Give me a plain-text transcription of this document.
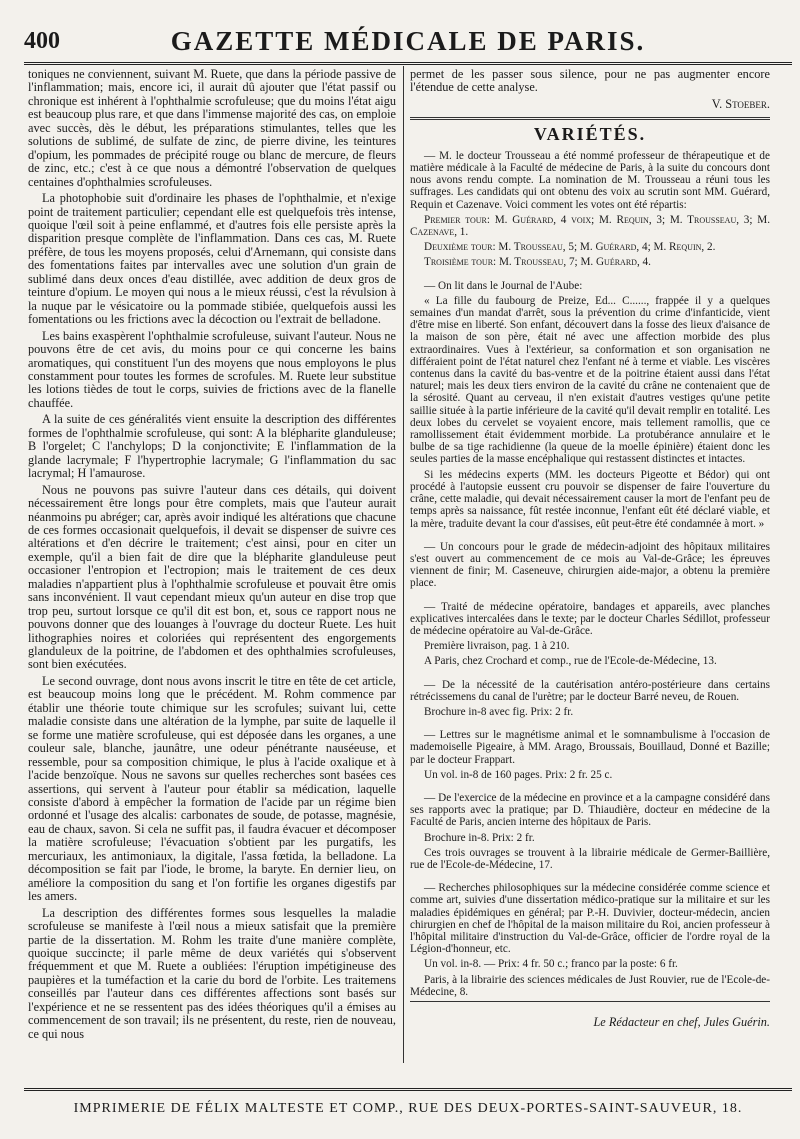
400	GAZETTE MÉDICALE DE PARIS.

toniques ne conviennent, suivant M. Ruete, que dans la période passive de l'inflammation; mais, encore ici, il aurait dû ajouter que l'état passif ou chronique est inhérent à l'ophthalmie scrofuleuse; que du moins l'état aigu est beaucoup plus rare, et que dans l'immense majorité des cas, on emploie avec succès, dès le début, les préparations stimulantes, telles que les solutions de sublimé, de sulfate de zinc, de pierre divine, les teintures d'opium, les pommades de précipité rouge ou blanc de mercure, de fleurs de zinc, etc.; c'est à ce que nous a démontré l'observation de quelques centaines d'ophthalmies scrofuleuses.

La photophobie suit d'ordinaire les phases de l'ophthalmie, et n'exige point de traitement particulier; cependant elle est quelquefois très intense, quoique l'œil soit à peine enflammé, et d'autres fois elle persiste après la disparition presque complète de l'inflammation. Dans ces cas, M. Ruete préfère, de tous les moyens proposés, celui d'Arnemann, qui consiste dans des fomentations faites par intervalles avec une solution d'un grain de sublimé dans deux onces d'eau distillée, avec addition de deux gros de teinture d'opium. Le moyen qui nous a le mieux réussi, c'est la révulsion à la nuque par le vésicatoire ou la pommade stibiée, quelquefois aussi les fomentations ou les frictions avec la décoction ou l'extrait de belladone.

Les bains exaspèrent l'ophthalmie scrofuleuse, suivant l'auteur. Nous ne pouvons être de cet avis, du moins pour ce qui concerne les bains aromatiques, qui constituent l'un des moyens que nous employons le plus constamment pour toutes les formes de scrofules. M. Ruete leur substitue les lotions tièdes de tout le corps, suivies de frictions avec de la flanelle chauffée.

A la suite de ces généralités vient ensuite la description des différentes formes de l'ophthalmie scrofuleuse, qui sont: A la blépharite glanduleuse; B l'orgelet; C l'anchylops; D la conjonctivite; E l'inflammation de la glande lacrymale; F l'hypertrophie lacrymale; G l'inflammation du sac lacrymal; H l'amaurose.

Nous ne pouvons pas suivre l'auteur dans ces détails, qui doivent nécessairement être longs pour être complets, mais que l'auteur aurait néanmoins pu abréger; car, après avoir indiqué les altérations que chacune de ces formes occasionait quelquefois, il devait se dispenser de suivre ces altérations et d'en décrire le traitement; c'est ainsi, pour en citer un exemple, qu'il a bien fait de dire que la blépharite glanduleuse peut occasioner l'entropion et l'ectropion; mais le traitement de ces deux maladies n'appartient plus à l'ophthalmie scrofuleuse et pouvait être omis sans inconvénient. Il vaut cependant mieux qu'un auteur en dise trop que trop peu, surtout lorsque ce qu'il dit est bon, et, sous ce rapport nous ne pouvons donner que des louanges à l'ouvrage du docteur Ruete. Les huit lithographies noires et coloriées qui représentent des engorgements glanduleux de la poitrine, de l'abdomen et des ophthalmies scrofuleuses, sont bien exécutées.

Le second ouvrage, dont nous avons inscrit le titre en tête de cet article, est beaucoup moins long que le précédent. M. Rohm commence par établir une théorie toute chimique sur les scrofules; suivant lui, cette maladie consiste dans une altération de la lymphe, par suite de laquelle il se forme une matière scrofuleuse, qui est déposée dans les organes, a une couleur sale, blanche, jaunâtre, une odeur pénétrante nauséeuse, et ressemble, pour sa composition chimique, le plus à l'acide oxalique et à l'acide benzoïque. Nous ne savons sur quelles recherches sont basées ces assertions, qui servent à l'auteur pour établir sa médication, laquelle consiste d'abord à empêcher la formation de l'acide par un régime bien ordonné et l'usage des alcalis: carbonates de soude, de potasse, magnésie, eau de chaux, savon. Si cela ne suffit pas, il faudra évacuer et décomposer la matière scrofuleuse; l'évacuation s'obtient par les purgatifs, les mercuriaux, les antimoniaux, la digitale, l'assa fœtida, la belladone. La décomposition se fait par l'iode, le brome, la baryte. En dernier lieu, on améliore la composition du sang et l'on fortifie les organes digestifs par les amers.

La description des différentes formes sous lesquelles la maladie scrofuleuse se manifeste à l'œil nous a mieux satisfait que la première partie de la dissertation. M. Rohm les traite d'une manière complète, quoique succincte; il parle même de deux variétés qui s'observent fréquemment et que M. Ruete a oubliées: l'éruption impétigineuse des paupières et la tuméfaction et la carie du bord de l'orbite. Les traitemens conseillés par l'auteur dans ces différentes affections sont basés sur l'expérience et ne se ressentent pas des idées théoriques qu'il a émises au commencement de son travail; ils ne présentent, du reste, rien de nouveau, ce qui nous

permet de les passer sous silence, pour ne pas augmenter encore l'étendue de cette analyse.

V. Stoeber.
VARIÉTÉS.

— M. le docteur Trousseau a été nommé professeur de thérapeutique et de matière médicale à la Faculté de médecine de Paris, à la suite du concours dont nous avons rendu compte. La nomination de M. Trousseau a réuni tous les suffrages. Les candidats qui ont obtenu des voix au scrutin sont MM. Guérard, Requin et Cazenave. Voici comment les votes ont été répartis:

Premier tour: M. Guérard, 4 voix; M. Requin, 3; M. Trousseau, 3; M. Cazenave, 1.

Deuxième tour: M. Trousseau, 5; M. Guérard, 4; M. Requin, 2.

Troisième tour: M. Trousseau, 7; M. Guérard, 4.

— On lit dans le Journal de l'Aube:

« La fille du faubourg de Preize, Ed... C......, frappée il y a quelques semaines d'un mandat d'arrêt, sous la prévention du crime d'infanticide, vient d'être mise en liberté. Son enfant, découvert dans la fosse des lieux d'aisance de la maison de son père, était né avec une affection morbide des plus extraordinaires. Vues à l'extérieur, sa conformation et son organisation ne différaient point de l'état naturel chez l'enfant né à terme et viable. Les viscères contenus dans la cavité du bas-ventre et de la poitrine étaient aussi dans l'état naturel; mais les deux tiers environ de la cavité du crâne ne contenaient que de la sérosité. Quant au cerveau, il n'en existait d'autres vestiges qu'une petite saillie située à la partie inférieure de la cavité qu'il devait remplir en totalité. Les deux lobes du cervelet se voyaient encore, mais tellement ramollis, que ce ramollissement était évidemment morbide. La protubérance annulaire et le bulbe de sa tige rachidienne (la queue de la moelle épinière) étaient donc les seules parties de la masse encéphalique qui restassent distinctes et intactes.

Si les médecins experts (MM. les docteurs Pigeotte et Bédor) qui ont procédé à l'autopsie eussent cru pouvoir se dispenser de faire l'ouverture du crâne, cette maladie, qui devait nécessairement causer la mort de l'enfant peu de temps après sa naissance, fût restée inconnue, l'enfant eût été déclaré viable, et la mère, traduite devant la cour d'assises, eût peut-être été condamnée à mort. »

— Un concours pour le grade de médecin-adjoint des hôpitaux militaires s'est ouvert au commencement de ce mois au Val-de-Grâce; les épreuves viennent de finir; M. Caseneuve, chirurgien aide-major, a obtenu la première place.

— Traité de médecine opératoire, bandages et appareils, avec planches explicatives intercalées dans le texte; par le docteur Charles Sédillot, professeur de médecine opératoire au Val-de-Grâce.

Première livraison, pag. 1 à 210.

A Paris, chez Crochard et comp., rue de l'Ecole-de-Médecine, 13.

— De la nécessité de la cautérisation antéro-postérieure dans certains rétrécissemens du canal de l'urètre; par le docteur Barré neveu, de Rouen.

Brochure in-8 avec fig. Prix: 2 fr.

— Lettres sur le magnétisme animal et le somnambulisme à l'occasion de mademoiselle Pigeaire, à MM. Arago, Broussais, Bouillaud, Donné et Bazille; par le docteur Frappart.

Un vol. in-8 de 160 pages. Prix: 2 fr. 25 c.

— De l'exercice de la médecine en province et a la campagne considéré dans ses rapports avec la pratique; par D. Thiaudière, docteur en médecine de la Faculté de Paris, ancien interne des hôpitaux de Paris.

Brochure in-8. Prix: 2 fr.

Ces trois ouvrages se trouvent à la librairie médicale de Germer-Baillière, rue de l'Ecole-de-Médecine, 17.

— Recherches philosophiques sur la médecine considérée comme science et comme art, suivies d'une dissertation médico-pratique sur la militaire et sur les maladies épidémiques en général; par P.-H. Duvivier, docteur-médecin, ancien chirurgien en chef de l'hôpital de la maison militaire du Roi, ancien professeur à l'hôpital militaire d'instruction du Val-de-Grâce, officier de l'ordre royal de la Légion-d'honneur, etc.

Un vol. in-8. — Prix: 4 fr. 50 c.; franco par la poste: 6 fr.

Paris, à la librairie des sciences médicales de Just Rouvier, rue de l'Ecole-de-Médecine, 8.

Le Rédacteur en chef, Jules Guérin.
IMPRIMERIE DE FÉLIX MALTESTE ET COMP., RUE DES DEUX-PORTES-SAINT-SAUVEUR, 18.
